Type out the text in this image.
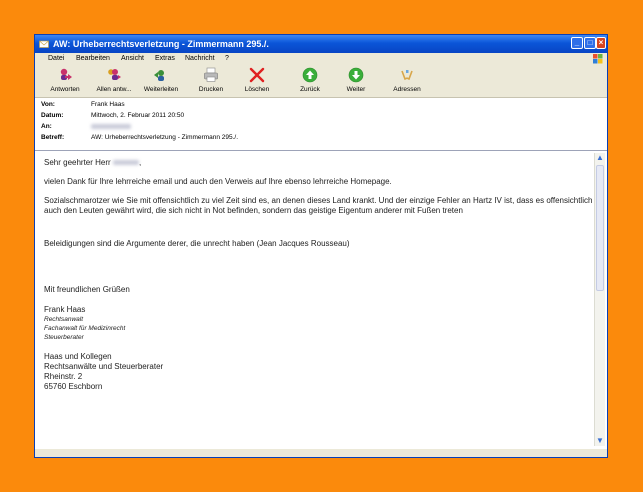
AW: Urheberrechtsverletzung - Zimmermann 295./.	_	□ ×
Datei Bearbeiten Ansicht Extras Nachricht ?
Antworten	Allen antw...	Weiterleiten	Drucken	Löschen	Zurück	Weiter	Adressen
Von:	Frank Haas
Datum:	Mittwoch, 2. Februar 2011 20:50
An:
Betreff:	AW: Urheberrechtsverletzung - Zimmermann 295./.

Sehr geehrter Herr	,

vielen Dank für Ihre lehrreiche email und auch den Verweis auf Ihre ebenso lehrreiche Homepage.

Sozialschmarotzer wie Sie mit offensichtlich zu viel Zeit sind es, an denen dieses Land krankt. Und der einzige Fehler an Hartz IV ist, dass es offensichtlich auch den Leuten gewährt wird, die sich nicht in Not befinden, sondern das geistige Eigentum anderer mit Fußen treten

Beleidigungen sind die Argumente derer, die unrecht haben (Jean Jacques Rousseau)

Mit freundlichen Grüßen

Frank Haas

Rechtsanwalt

Fachanwalt für Medizinrecht

Steuerberater

Haas und Kollegen

Rechtsanwälte und Steuerberater

Rheinstr. 2

65760 Eschborn

▲
▼
